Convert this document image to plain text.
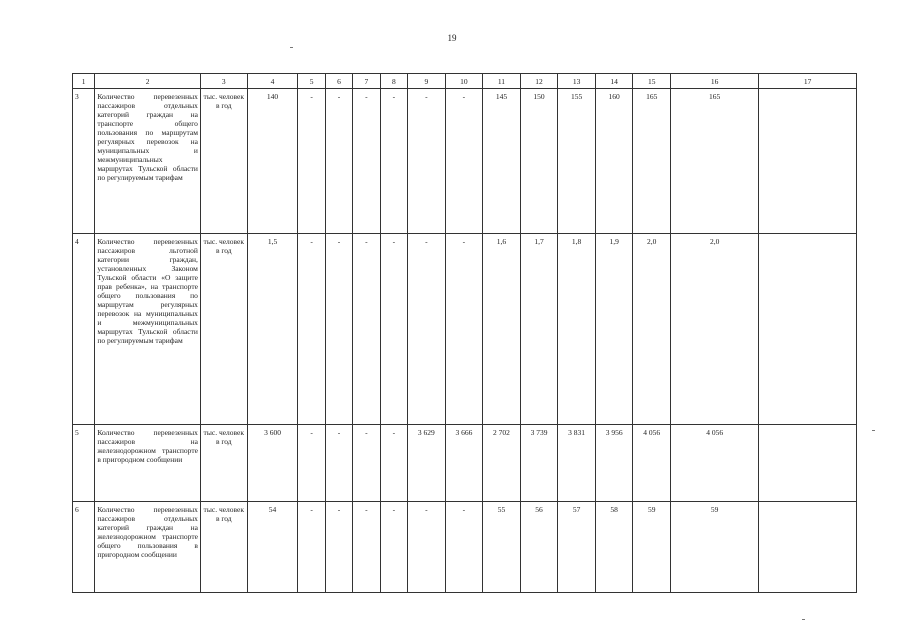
19
1	2	3	4	5	6	7	8	9	10	11	12	13	14	15	16	17
3	Количество перевезенных пассажиров отдельных категорий граждан на транспорте общего пользования по маршрутам регулярных перевозок на муниципальных и межмуниципальных маршрутах Тульской области по регулируемым тарифам	тыс. человек в год	140	-	-	-	-	-	-	145	150	155	160	165	165	
4	Количество перевезенных пассажиров льготной категории граждан, установленных Законом Тульской области «О защите прав ребенка», на транспорте общего пользования по маршрутам регулярных перевозок на муниципальных и межмуниципальных маршрутах Тульской области по регулируемым тарифам	тыс. человек в год	1,5	-	-	-	-	-	-	1,6	1,7	1,8	1,9	2,0	2,0	
5	Количество перевезенных пассажиров на железнодорожном транспорте в пригородном сообщении	тыс. человек в год	3 600	-	-	-	-	3 629	3 666	2 702	3 739	3 831	3 956	4 056	4 056	
6	Количество перевезенных пассажиров отдельных категорий граждан на железнодорожном транспорте общего пользования в пригородном сообщении	тыс. человек в год	54	-	-	-	-	-	-	55	56	57	58	59	59	
